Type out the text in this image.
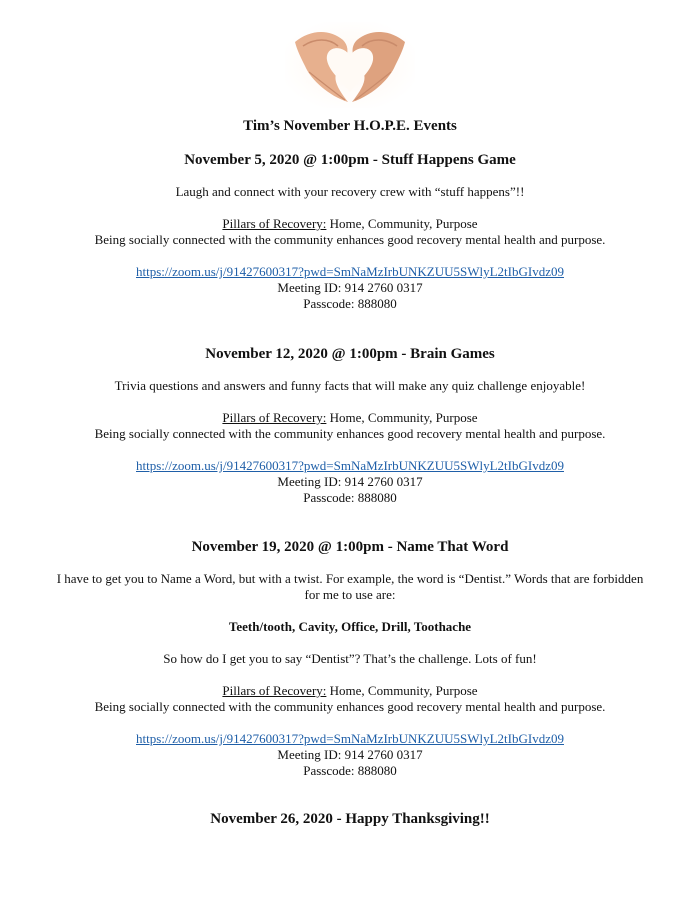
Tim’s November H.O.P.E. Events

November 5, 2020 @ 1:00pm - Stuff Happens Game

Laugh and connect with your recovery crew with “stuff happens”!!

Pillars of Recovery: Home, Community, Purpose

Being socially connected with the community enhances good recovery mental health and purpose.

https://zoom.us/j/91427600317?pwd=SmNaMzIrbUNKZUU5SWlyL2tIbGIvdz09

Meeting ID: 914 2760 0317

Passcode: 888080

November 12, 2020 @ 1:00pm - Brain Games

Trivia questions and answers and funny facts that will make any quiz challenge enjoyable!

Pillars of Recovery: Home, Community, Purpose

Being socially connected with the community enhances good recovery mental health and purpose.

https://zoom.us/j/91427600317?pwd=SmNaMzIrbUNKZUU5SWlyL2tIbGIvdz09

Meeting ID: 914 2760 0317

Passcode: 888080

November 19, 2020 @ 1:00pm - Name That Word

I have to get you to Name a Word, but with a twist. For example, the word is “Dentist.” Words that are forbidden for me to use are:

Teeth/tooth, Cavity, Office, Drill, Toothache

So how do I get you to say “Dentist”? That’s the challenge. Lots of fun!

Pillars of Recovery: Home, Community, Purpose

Being socially connected with the community enhances good recovery mental health and purpose.

https://zoom.us/j/91427600317?pwd=SmNaMzIrbUNKZUU5SWlyL2tIbGIvdz09

Meeting ID: 914 2760 0317

Passcode: 888080

November 26, 2020 - Happy Thanksgiving!!
